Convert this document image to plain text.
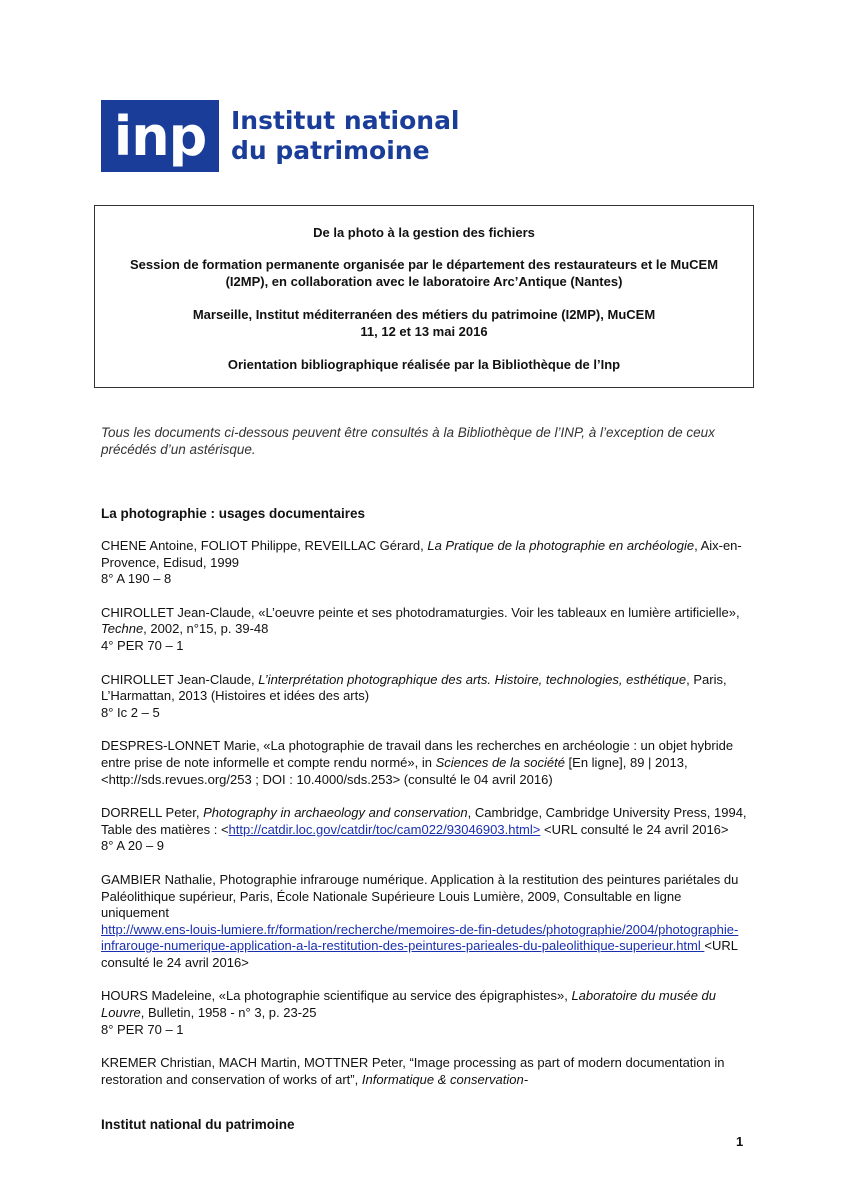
inp Institut national
du patrimoine

De la photo à la gestion des fichiers

Session de formation permanente organisée par le département des restaurateurs et le MuCEM

(I2MP), en collaboration avec le laboratoire Arc’Antique (Nantes)

Marseille, Institut méditerranéen des métiers du patrimoine (I2MP), MuCEM

11, 12 et 13 mai 2016

Orientation bibliographique réalisée par la Bibliothèque de l’Inp

Tous les documents ci-dessous peuvent être consultés à la Bibliothèque de l’INP, à l’exception de ceux précédés d’un astérisque.
La photographie : usages documentaires
CHENE Antoine, FOLIOT Philippe, REVEILLAC Gérard, La Pratique de la photographie en archéologie, Aix-en-Provence, Edisud, 1999
8° A 190 – 8
CHIROLLET Jean-Claude, «L’oeuvre peinte et ses photodramaturgies. Voir les tableaux en lumière artificielle», Techne, 2002, n°15, p. 39-48
4° PER 70 – 1
CHIROLLET Jean-Claude, L’interprétation photographique des arts. Histoire, technologies, esthétique, Paris, L’Harmattan, 2013 (Histoires et idées des arts)
8° Ic 2 – 5
DESPRES-LONNET Marie, «La photographie de travail dans les recherches en archéologie : un objet hybride entre prise de note informelle et compte rendu normé», in Sciences de la société [En ligne], 89 | 2013, <http://sds.revues.org/253 ; DOI : 10.4000/sds.253> (consulté le 04 avril 2016)
DORRELL Peter, Photography in archaeology and conservation, Cambridge, Cambridge University Press, 1994, Table des matières : <http://catdir.loc.gov/catdir/toc/cam022/93046903.html> <URL consulté le 24 avril 2016>
8° A 20 – 9
GAMBIER Nathalie, Photographie infrarouge numérique. Application à la restitution des peintures pariétales du Paléolithique supérieur, Paris, École Nationale Supérieure Louis Lumière, 2009, Consultable en ligne uniquement
http://www.ens-louis-lumiere.fr/formation/recherche/memoires-de-fin-detudes/photographie/2004/photographie-infrarouge-numerique-application-a-la-restitution-des-peintures-parieales-du-paleolithique-superieur.html <URL consulté le 24 avril 2016>
HOURS Madeleine, «La photographie scientifique au service des épigraphistes», Laboratoire du musée du Louvre, Bulletin, 1958 - n° 3, p. 23-25
8° PER 70 – 1
KREMER Christian, MACH Martin, MOTTNER Peter, “Image processing as part of modern documentation in restoration and conservation of works of art”, Informatique & conservation-
Institut national du patrimoine
1
